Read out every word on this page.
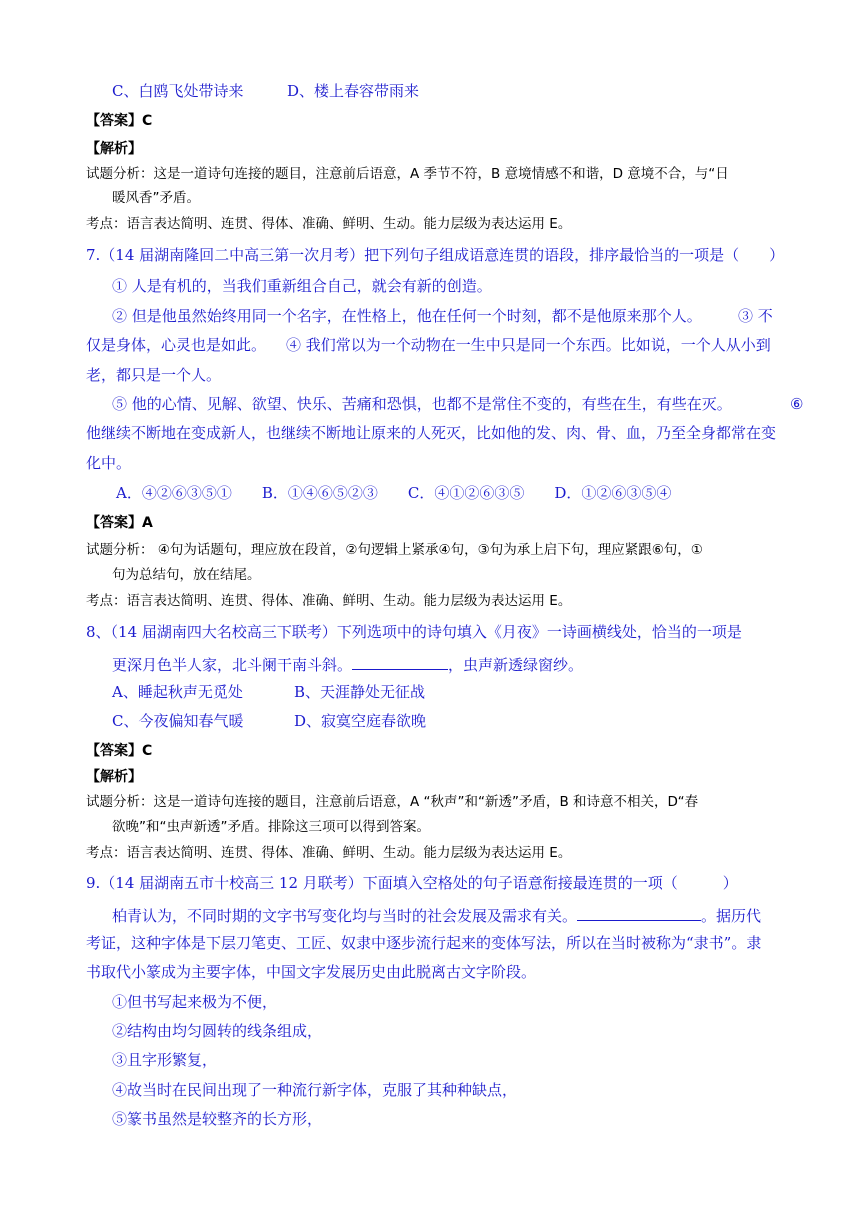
C、白鸥飞处带诗来	D、楼上春容带雨来
【答案】C
【解析】
试题分析：这是一道诗句连接的题目，注意前后语意，A 季节不符，B 意境情感不和谐，D 意境不合，与“日
暖风香”矛盾。
考点：语言表达简明、连贯、得体、准确、鲜明、生动。能力层级为表达运用 E。
7.（14 届湖南隆回二中高三第一次月考）把下列句子组成语意连贯的语段，排序最恰当的一项是（　　）
① 人是有机的，当我们重新组合自己，就会有新的创造。
② 但是他虽然始终用同一个名字，在性格上，他在任何一个时刻，都不是他原来那个人。 ③ 不
仅是身体，心灵也是如此。 ④ 我们常以为一个动物在一生中只是同一个东西。比如说，一个人从小到
老，都只是一个人。
⑤ 他的心情、见解、欲望、快乐、苦痛和恐惧，也都不是常住不变的，有些在生，有些在灭。	⑥
他继续不断地在变成新人，也继续不断地让原来的人死灭，比如他的发、肉、骨、血，乃至全身都常在变
化中。
A．④②⑥③⑤①　　B．①④⑥⑤②③　　C．④①②⑥③⑤　　D．①②⑥③⑤④
【答案】A
试题分析： ④句为话题句，理应放在段首，②句逻辑上紧承④句，③句为承上启下句，理应紧跟⑥句，①
句为总结句，放在结尾。
考点：语言表达简明、连贯、得体、准确、鲜明、生动。能力层级为表达运用 E。
8、（14 届湖南四大名校高三下联考）下列选项中的诗句填入《月夜》一诗画横线处，恰当的一项是
更深月色半人家，北斗阑干南斗斜。	，虫声新透绿窗纱。
A、睡起秋声无觅处	B、天涯静处无征战
C、今夜偏知春气暖	D、寂寞空庭春欲晚
【答案】C
【解析】
试题分析：这是一道诗句连接的题目，注意前后语意，A “秋声”和“新透”矛盾，B 和诗意不相关，D“春
欲晚”和“虫声新透”矛盾。排除这三项可以得到答案。
考点：语言表达简明、连贯、得体、准确、鲜明、生动。能力层级为表达运用 E。
9.（14 届湖南五市十校高三 12 月联考）下面填入空格处的句子语意衔接最连贯的一项（　　　）
柏青认为，不同时期的文字书写变化均与当时的社会发展及需求有关。	。据历代
考证，这种字体是下层刀笔吏、工匠、奴隶中逐步流行起来的变体写法，所以在当时被称为“隶书”。隶
书取代小篆成为主要字体，中国文字发展历史由此脱离古文字阶段。
①但书写起来极为不便，
②结构由均匀圆转的线条组成，
③且字形繁复，
④故当时在民间出现了一种流行新字体，克服了其种种缺点，
⑤篆书虽然是较整齐的长方形，
